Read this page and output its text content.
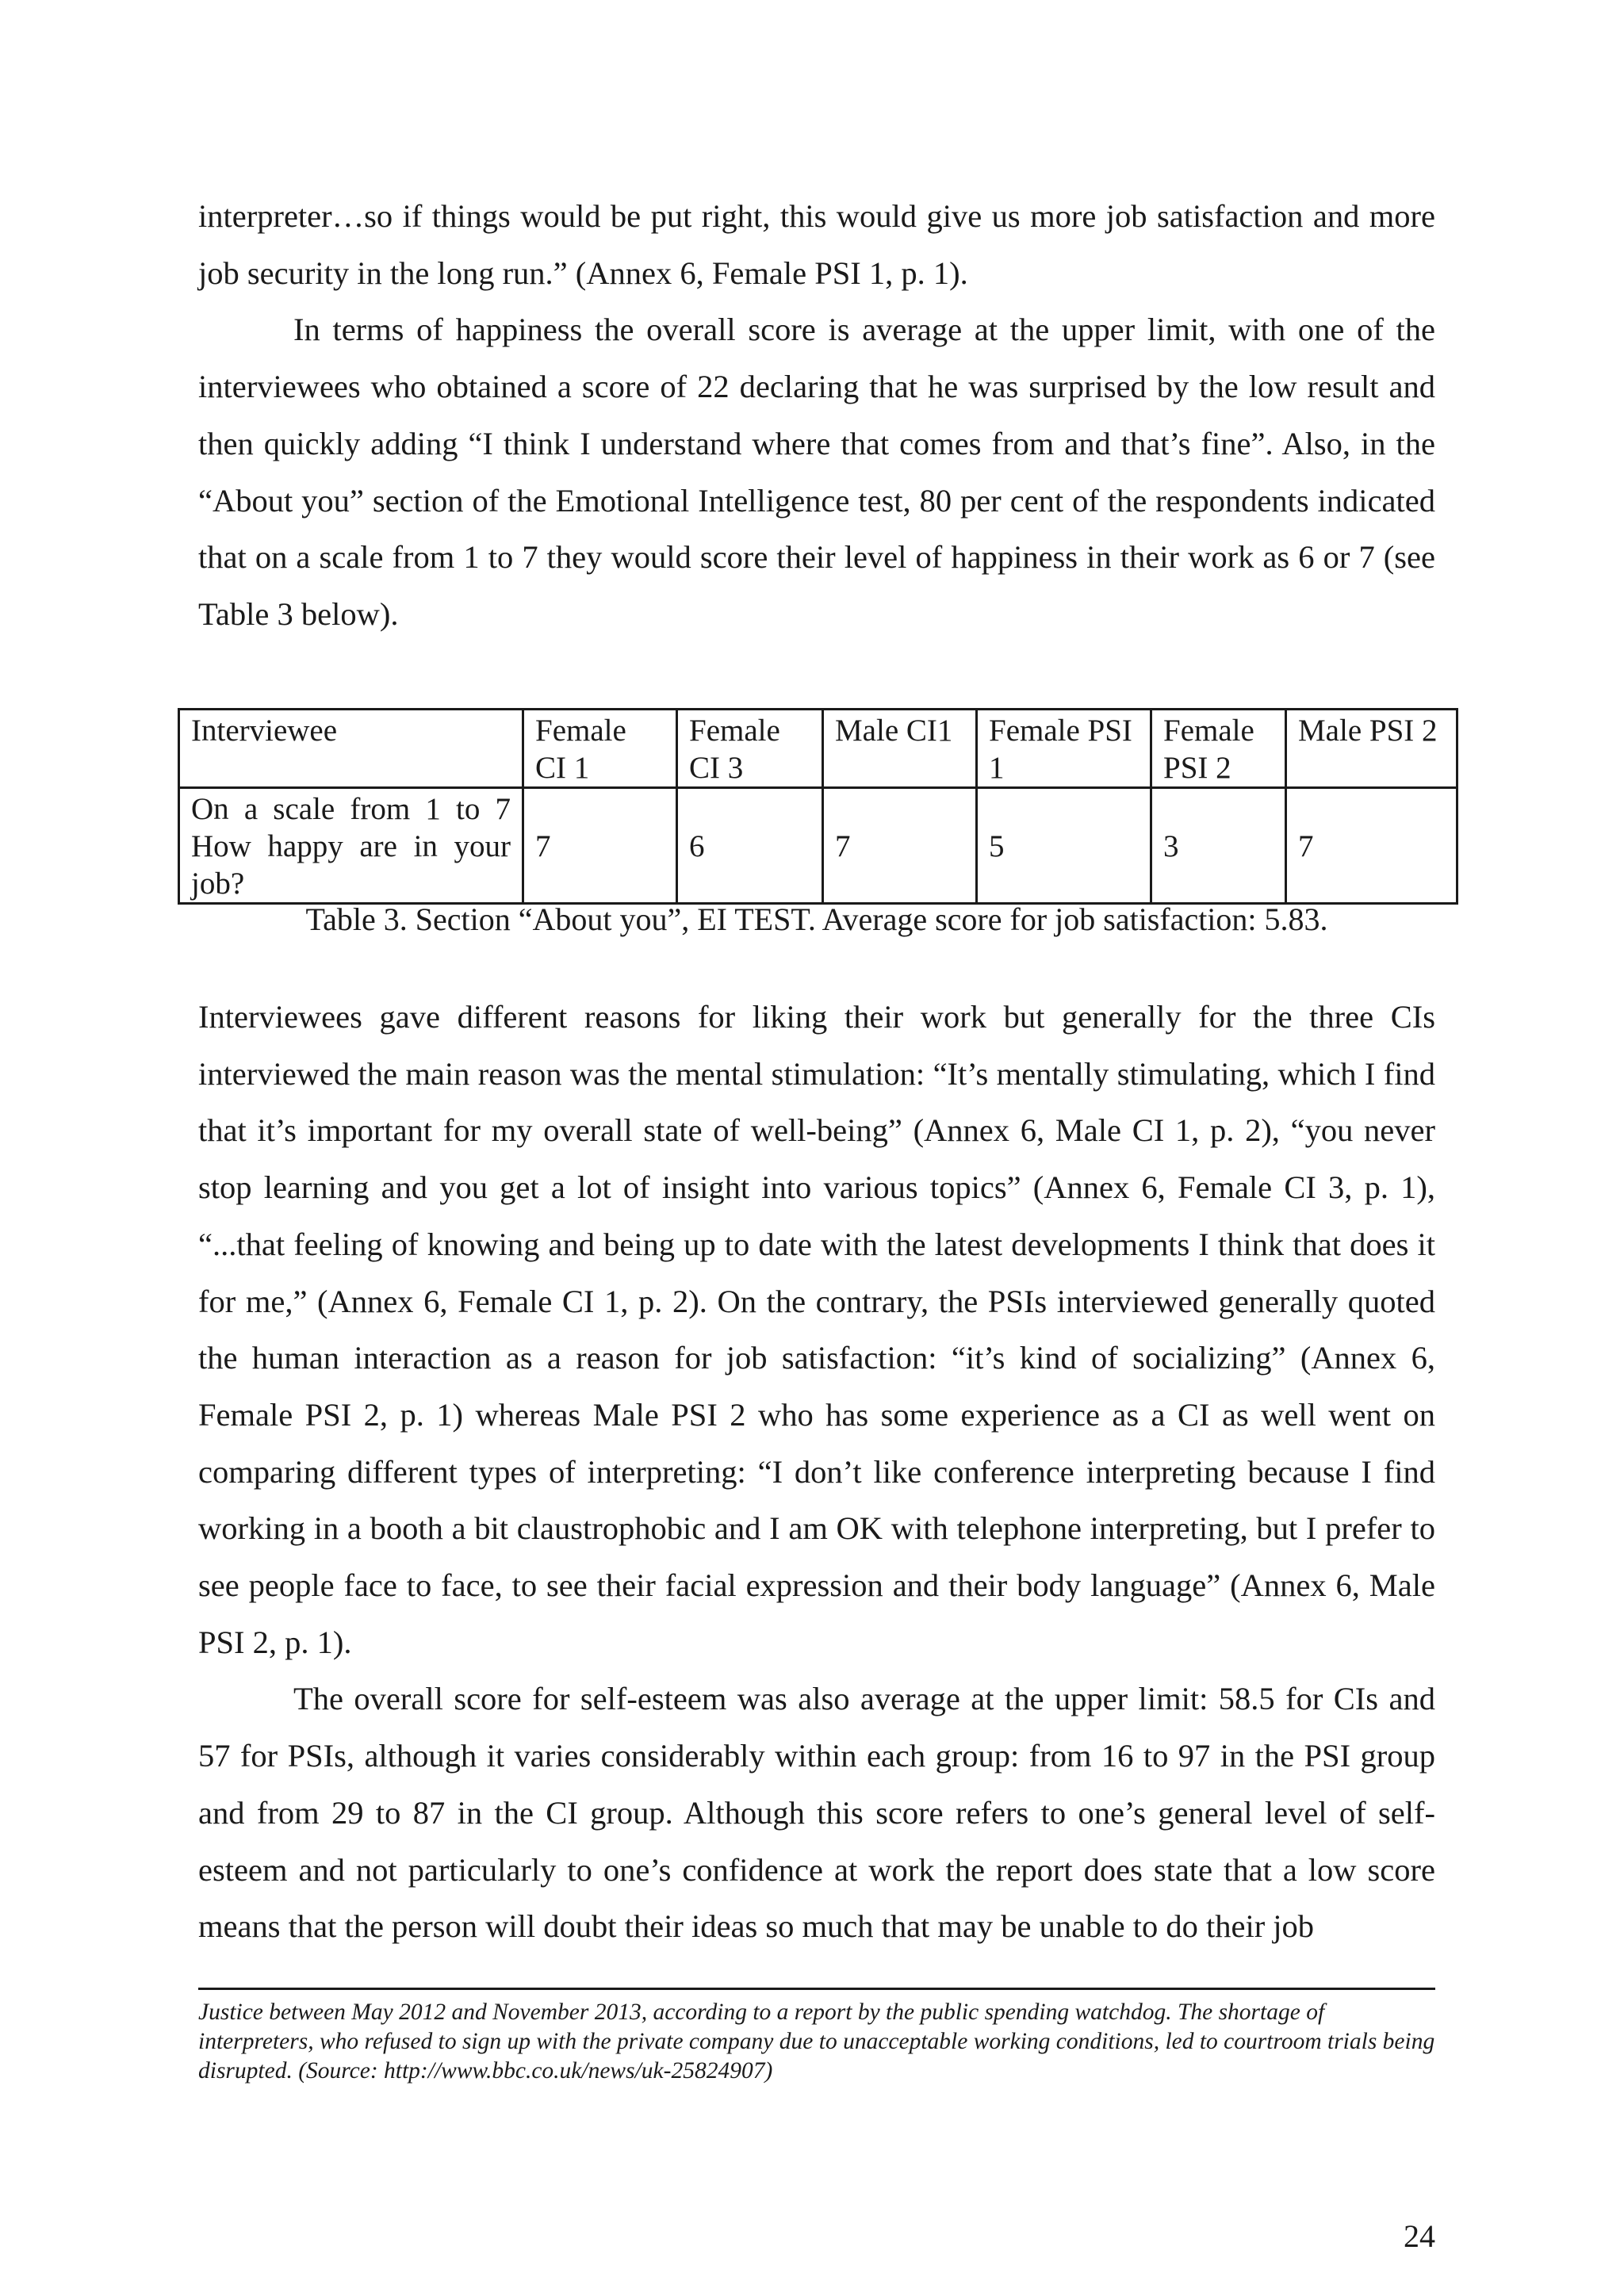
interpreter…so if things would be put right, this would give us more job satisfaction and more job security in the long run.” (Annex 6, Female PSI 1, p. 1).

In terms of happiness the overall score is average at the upper limit, with one of the interviewees who obtained a score of 22 declaring that he was surprised by the low result and then quickly adding “I think I understand where that comes from and that’s fine”. Also, in the “About you” section of the Emotional Intelligence test, 80 per cent of the respondents indicated that on a scale from 1 to 7 they would score their level of happiness in their work as 6 or 7 (see Table 3 below).

Interviewee	Female CI 1	Female CI 3	Male CI1	Female PSI 1	Female PSI 2	Male PSI 2
On a scale from 1 to 7 How happy are in your job?	7	6	7	5	3	7
Table 3. Section “About you”, EI TEST. Average score for job satisfaction: 5.83.

Interviewees gave different reasons for liking their work but generally for the three CIs interviewed the main reason was the mental stimulation: “It’s mentally stimulating, which I find that it’s important for my overall state of well-being” (Annex 6, Male CI 1, p. 2), “you never stop learning and you get a lot of insight into various topics” (Annex 6, Female CI 3, p. 1), “...that feeling of knowing and being up to date with the latest developments I think that does it for me,” (Annex 6, Female CI 1, p. 2). On the contrary, the PSIs interviewed generally quoted the human interaction as a reason for job satisfaction: “it’s kind of socializing” (Annex 6, Female PSI 2, p. 1) whereas Male PSI 2 who has some experience as a CI as well went on comparing different types of interpreting: “I don’t like conference interpreting because I find working in a booth a bit claustrophobic and I am OK with telephone interpreting, but I prefer to see people face to face, to see their facial expression and their body language” (Annex 6, Male PSI 2, p. 1).

The overall score for self-esteem was also average at the upper limit: 58.5 for CIs and 57 for PSIs, although it varies considerably within each group: from 16 to 97 in the PSI group and from 29 to 87 in the CI group. Although this score refers to one’s general level of self-esteem and not particularly to one’s confidence at work the report does state that a low score means that the person will doubt their ideas so much that may be unable to do their job

Justice between May 2012 and November 2013, according to a report by the public spending watchdog. The shortage of interpreters, who refused to sign up with the private company due to unacceptable working conditions, led to courtroom trials being disrupted. (Source: http://www.bbc.co.uk/news/uk-25824907)
24
